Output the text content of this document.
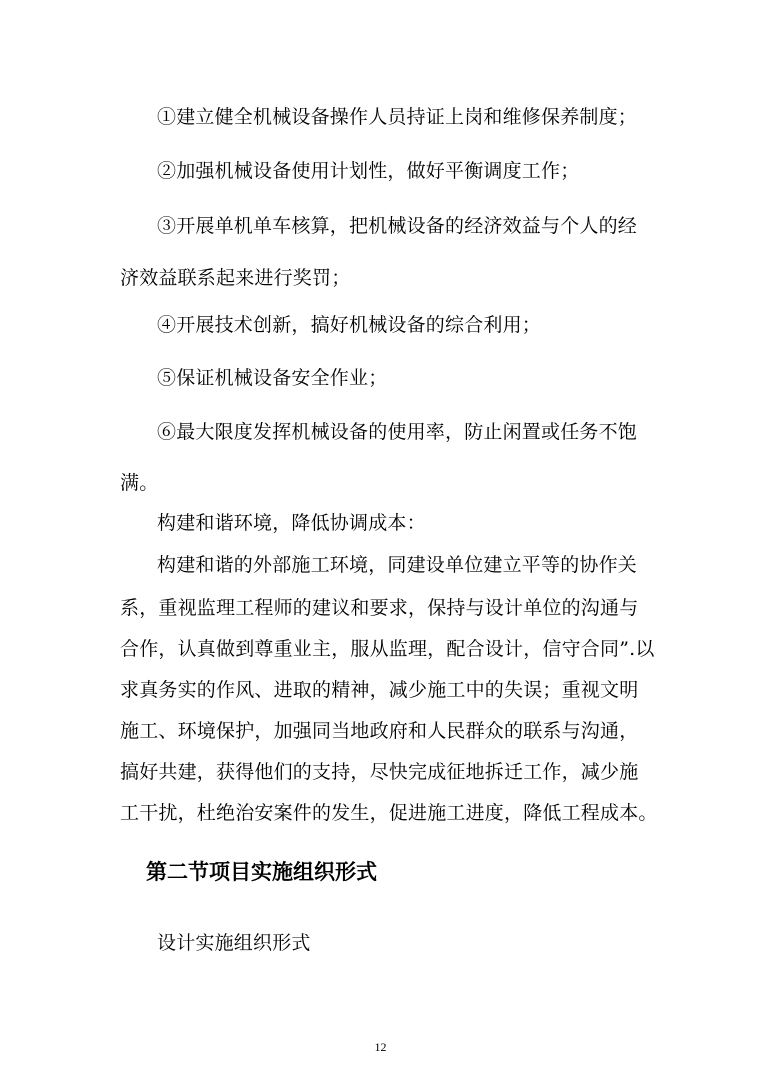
①建立健全机械设备操作人员持证上岗和维修保养制度；
②加强机械设备使用计划性，做好平衡调度工作；
③开展单机单车核算，把机械设备的经济效益与个人的经
济效益联系起来进行奖罚；
④开展技术创新，搞好机械设备的综合利用；
⑤保证机械设备安全作业；
⑥最大限度发挥机械设备的使用率，防止闲置或任务不饱
满。
构建和谐环境，降低协调成本：
构建和谐的外部施工环境，同建设单位建立平等的协作关
系，重视监理工程师的建议和要求，保持与设计单位的沟通与
合作，认真做到尊重业主，服从监理，配合设计，信守合同”.以
求真务实的作风、进取的精神，减少施工中的失误；重视文明
施工、环境保护，加强同当地政府和人民群众的联系与沟通，
搞好共建，获得他们的支持，尽快完成征地拆迁工作，减少施
工干扰，杜绝治安案件的发生，促进施工进度，降低工程成本。
第二节项目实施组织形式
设计实施组织形式
12
